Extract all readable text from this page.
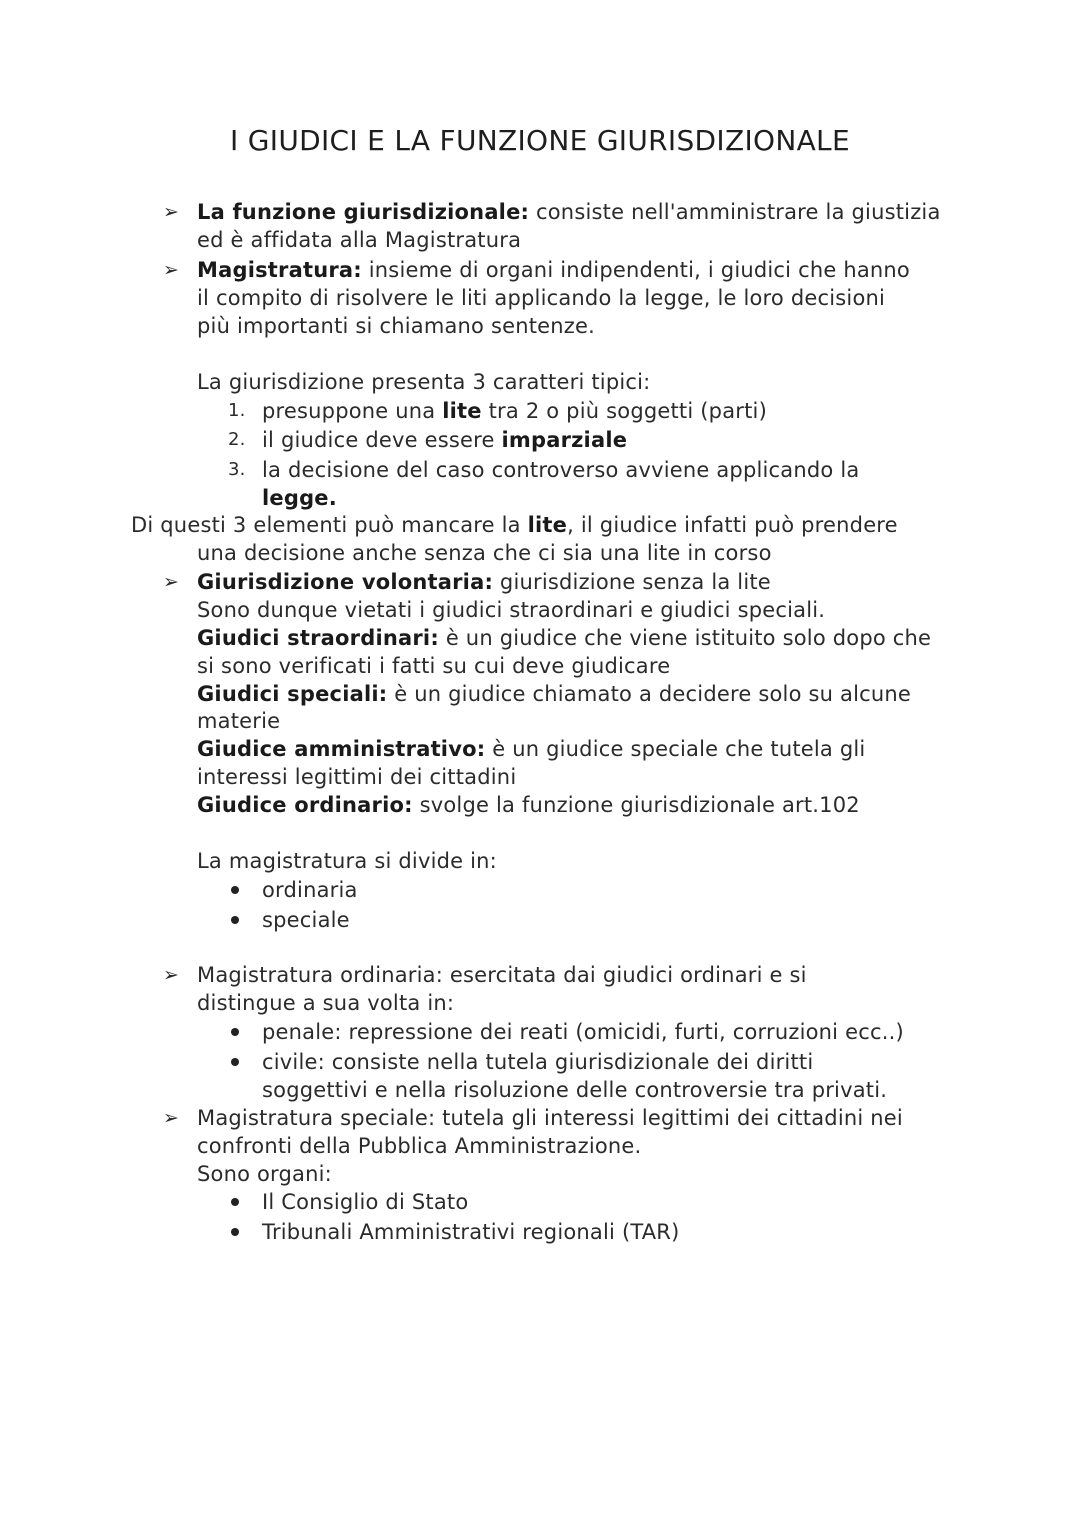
I GIUDICI E LA FUNZIONE GIURISDIZIONALE
➢ La funzione giurisdizionale: consiste nell'amministrare la giustizia
ed è affidata alla Magistratura
➢ Magistratura: insieme di organi indipendenti, i giudici che hanno
il compito di risolvere le liti applicando la legge, le loro decisioni
più importanti si chiamano sentenze.
La giurisdizione presenta 3 caratteri tipici:
1. presuppone una lite tra 2 o più soggetti (parti)
2. il giudice deve essere imparziale
3. la decisione del caso controverso avviene applicando la
legge.
Di questi 3 elementi può mancare la lite, il giudice infatti può prendere
una decisione anche senza che ci sia una lite in corso
➢ Giurisdizione volontaria: giurisdizione senza la lite
Sono dunque vietati i giudici straordinari e giudici speciali.
Giudici straordinari: è un giudice che viene istituito solo dopo che
si sono verificati i fatti su cui deve giudicare
Giudici speciali: è un giudice chiamato a decidere solo su alcune
materie
Giudice amministrativo: è un giudice speciale che tutela gli
interessi legittimi dei cittadini
Giudice ordinario: svolge la funzione giurisdizionale art.102
La magistratura si divide in:
ordinaria
speciale
➢ Magistratura ordinaria: esercitata dai giudici ordinari e si
distingue a sua volta in:
penale: repressione dei reati (omicidi, furti, corruzioni ecc..)
civile: consiste nella tutela giurisdizionale dei diritti
soggettivi e nella risoluzione delle controversie tra privati.
➢ Magistratura speciale: tutela gli interessi legittimi dei cittadini nei
confronti della Pubblica Amministrazione.
Sono organi:
Il Consiglio di Stato
Tribunali Amministrativi regionali (TAR)
